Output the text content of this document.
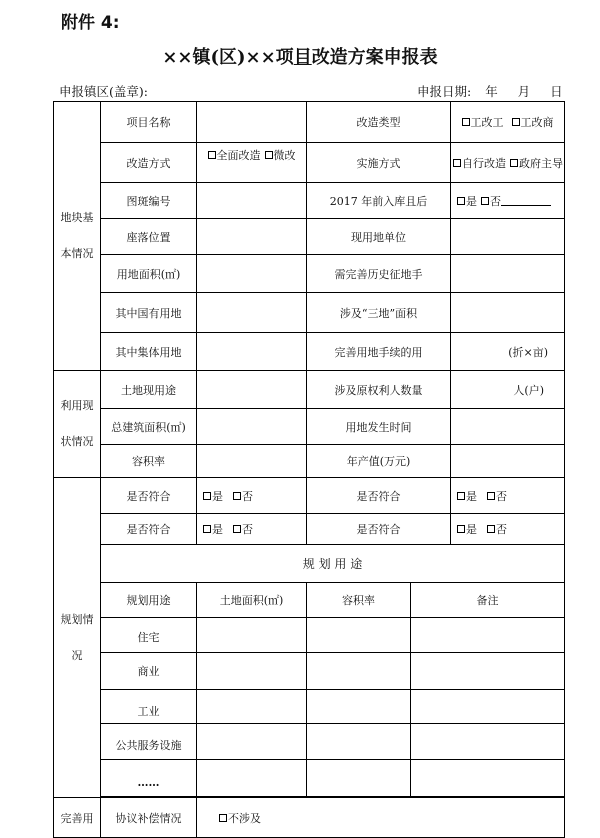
附件 4:
××镇(区)××项目改造方案申报表
申报镇区(盖章):	申报日期: 年 月 日
地块基
本情况	项目名称		改造类型		工改工 工改商
	改造方式	全面改造 微改	实施方式		自行改造 政府主导
	图斑编号		2017 年前入库且后		是 否
	座落位置		现用地单位		
	用地面积(㎡)		需完善历史征地手		
	其中国有用地		涉及“三地”面积		
	其中集体用地		完善用地手续的用		(折×亩)

利用现
状情况	土地现用途		涉及原权利人数量		人(户)
	总建筑面积(㎡)		用地发生时间		
	容积率		年产值(万元)		

规划情
况	是否符合	是 否	是否符合		是 否
	是否符合	是 否	是否符合		是 否
	规 划 用 途				
	规划用途	土地面积(㎡)	容积率	备注	
	住宅				
	商业				
	工业				
	公共服务设施				
	……				

完善用	协议补偿情况	不涉及			
